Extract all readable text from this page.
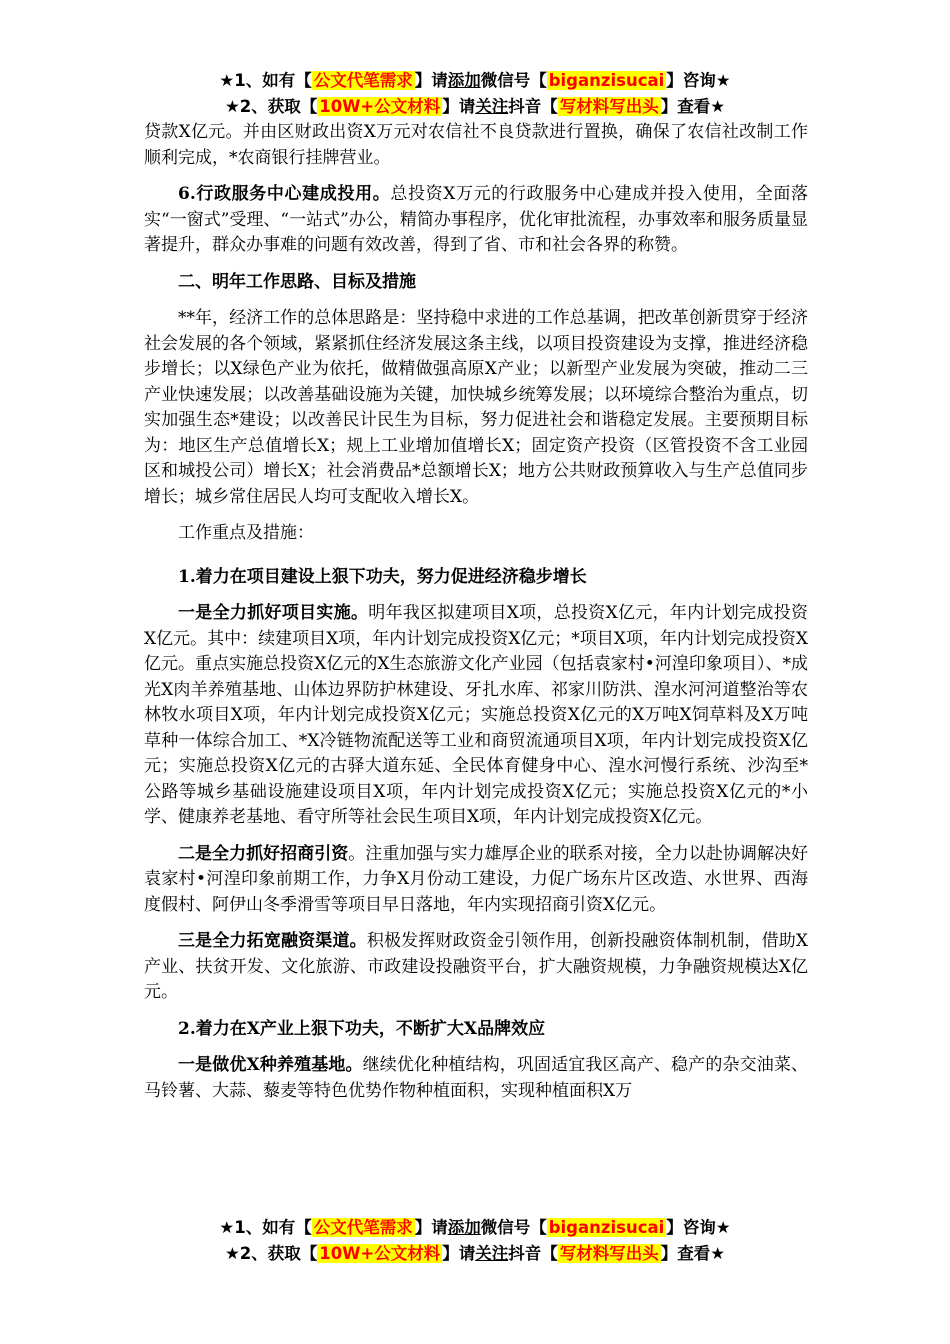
★1、如有【 公文代笔需求 】请添加微信号【 biganzisucai 】咨询★
★2、获取【 10W+公文材料 】请关注抖音【 写材料写出头 】查看★

贷款X亿元。并由区财政出资X万元对农信社不良贷款进行置换，确保了农信社改制工作顺利完成，*农商银行挂牌营业。

6.行政服务中心建成投用。总投资X万元的行政服务中心建成并投入使用，全面落实“一窗式”受理、“一站式”办公，精简办事程序，优化审批流程，办事效率和服务质量显著提升，群众办事难的问题有效改善，得到了省、市和社会各界的称赞。

二、明年工作思路、目标及措施

**年，经济工作的总体思路是：坚持稳中求进的工作总基调，把改革创新贯穿于经济社会发展的各个领域，紧紧抓住经济发展这条主线，以项目投资建设为支撑，推进经济稳步增长；以X绿色产业为依托，做精做强高原X产业；以新型产业发展为突破，推动二三产业快速发展；以改善基础设施为关键，加快城乡统筹发展；以环境综合整治为重点，切实加强生态*建设；以改善民计民生为目标，努力促进社会和谐稳定发展。主要预期目标为：地区生产总值增长X；规上工业增加值增长X；固定资产投资（区管投资不含工业园区和城投公司）增长X；社会消费品*总额增长X；地方公共财政预算收入与生产总值同步增长；城乡常住居民人均可支配收入增长X。

工作重点及措施：

1.着力在项目建设上狠下功夫，努力促进经济稳步增长

一是全力抓好项目实施。明年我区拟建项目X项，总投资X亿元，年内计划完成投资X亿元。其中：续建项目X项，年内计划完成投资X亿元；*项目X项，年内计划完成投资X亿元。重点实施总投资X亿元的X生态旅游文化产业园（包括袁家村•河湟印象项目）、*成光X肉羊养殖基地、山体边界防护林建设、牙扎水库、祁家川防洪、湟水河河道整治等农林牧水项目X项，年内计划完成投资X亿元；实施总投资X亿元的X万吨X饲草料及X万吨草种一体综合加工、*X冷链物流配送等工业和商贸流通项目X项，年内计划完成投资X亿元；实施总投资X亿元的古驿大道东延、全民体育健身中心、湟水河慢行系统、沙沟至*公路等城乡基础设施建设项目X项，年内计划完成投资X亿元；实施总投资X亿元的*小学、健康养老基地、看守所等社会民生项目X项，年内计划完成投资X亿元。

二是全力抓好招商引资。注重加强与实力雄厚企业的联系对接，全力以赴协调解决好袁家村•河湟印象前期工作，力争X月份动工建设，力促广场东片区改造、水世界、西海度假村、阿伊山冬季滑雪等项目早日落地，年内实现招商引资X亿元。

三是全力拓宽融资渠道。积极发挥财政资金引领作用，创新投融资体制机制，借助X产业、扶贫开发、文化旅游、市政建设投融资平台，扩大融资规模，力争融资规模达X亿元。

2.着力在X产业上狠下功夫，不断扩大X品牌效应

一是做优X种养殖基地。继续优化种植结构，巩固适宜我区高产、稳产的杂交油菜、马铃薯、大蒜、藜麦等特色优势作物种植面积，实现种植面积X万

★1、如有【 公文代笔需求 】请添加微信号【 biganzisucai 】咨询★
★2、获取【 10W+公文材料 】请关注抖音【 写材料写出头 】查看★
